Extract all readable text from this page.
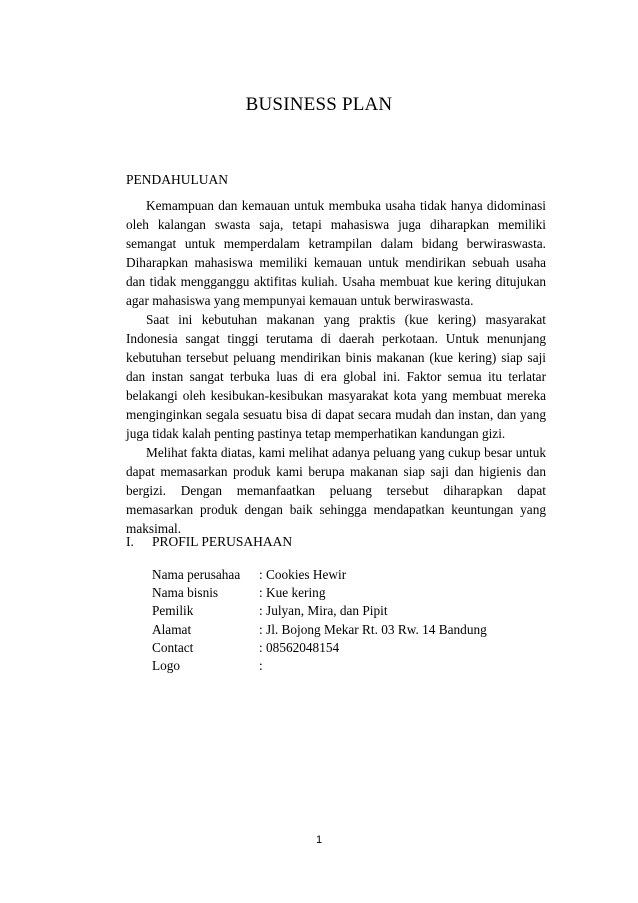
BUSINESS PLAN
PENDAHULUAN

Kemampuan dan kemauan untuk membuka usaha tidak hanya didominasi oleh kalangan swasta saja, tetapi mahasiswa juga diharapkan memiliki semangat untuk memperdalam ketrampilan dalam bidang berwiraswasta. Diharapkan mahasiswa memiliki kemauan untuk mendirikan sebuah usaha dan tidak mengganggu aktifitas kuliah. Usaha membuat kue kering ditujukan agar mahasiswa yang mempunyai kemauan untuk berwiraswasta.

Saat ini kebutuhan makanan yang praktis (kue kering) masyarakat Indonesia sangat tinggi terutama di daerah perkotaan. Untuk menunjang kebutuhan tersebut peluang mendirikan binis makanan (kue kering) siap saji dan instan sangat terbuka luas di era global ini. Faktor semua itu terlatar belakangi oleh kesibukan-kesibukan masyarakat kota yang membuat mereka menginginkan segala sesuatu bisa di dapat secara mudah dan instan, dan yang juga tidak kalah penting pastinya tetap memperhatikan kandungan gizi.

Melihat fakta diatas, kami melihat adanya peluang yang cukup besar untuk dapat memasarkan produk kami berupa makanan siap saji dan higienis dan bergizi. Dengan memanfaatkan peluang tersebut diharapkan dapat memasarkan produk dengan baik sehingga mendapatkan keuntungan yang maksimal.

I. PROFIL PERUSAHAAN
Nama perusahaa	: Cookies Hewir
Nama bisnis	: Kue kering
Pemilik	: Julyan, Mira, dan Pipit
Alamat	: Jl. Bojong Mekar Rt. 03 Rw. 14 Bandung
Contact	: 08562048154
Logo	:
1
